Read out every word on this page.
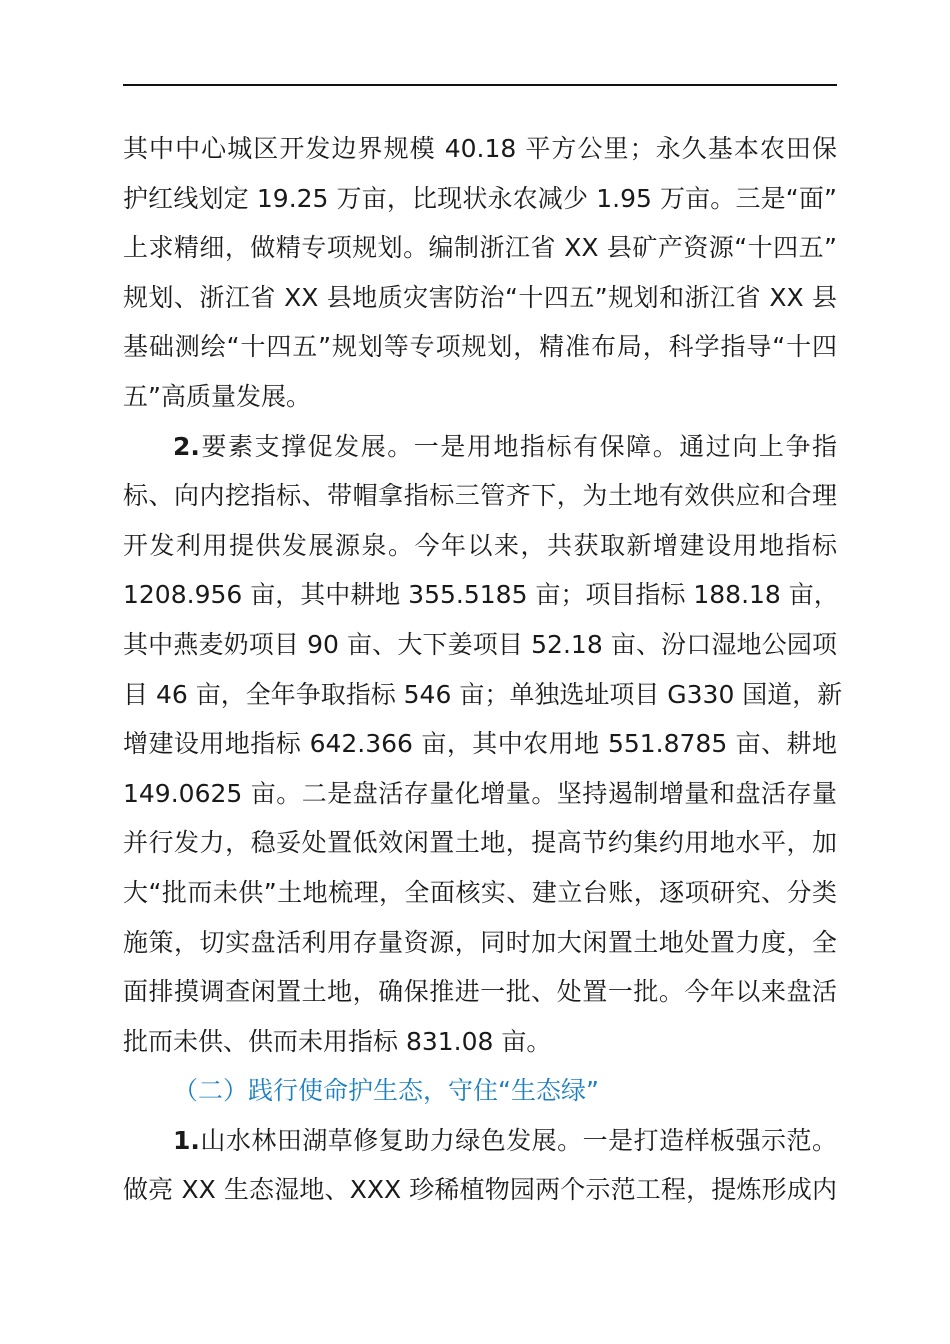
其中中心城区开发边界规模 40.18 平方公里；永久基本农田保
护红线划定 19.25 万亩，比现状永农减少 1.95 万亩。三是“面”
上求精细，做精专项规划。编制浙江省 XX 县矿产资源“十四五”
规划、浙江省 XX 县地质灾害防治“十四五”规划和浙江省 XX 县
基础测绘“十四五”规划等专项规划，精准布局，科学指导“十四
五”高质量发展。
2.要素支撑促发展。一是用地指标有保障。通过向上争指
标、向内挖指标、带帽拿指标三管齐下，为土地有效供应和合理
开发利用提供发展源泉。今年以来，共获取新增建设用地指标
1208.956 亩，其中耕地 355.5185 亩；项目指标 188.18 亩，
其中燕麦奶项目 90 亩、大下姜项目 52.18 亩、汾口湿地公园项
目 46 亩，全年争取指标 546 亩；单独选址项目 G330 国道，新
增建设用地指标 642.366 亩，其中农用地 551.8785 亩、耕地
149.0625 亩。二是盘活存量化增量。坚持遏制增量和盘活存量
并行发力，稳妥处置低效闲置土地，提高节约集约用地水平，加
大“批而未供”土地梳理，全面核实、建立台账，逐项研究、分类
施策，切实盘活利用存量资源，同时加大闲置土地处置力度，全
面排摸调查闲置土地，确保推进一批、处置一批。今年以来盘活
批而未供、供而未用指标 831.08 亩。
（二）践行使命护生态，守住“生态绿”
1.山水林田湖草修复助力绿色发展。一是打造样板强示范。
做亮 XX 生态湿地、XXX 珍稀植物园两个示范工程，提炼形成内
